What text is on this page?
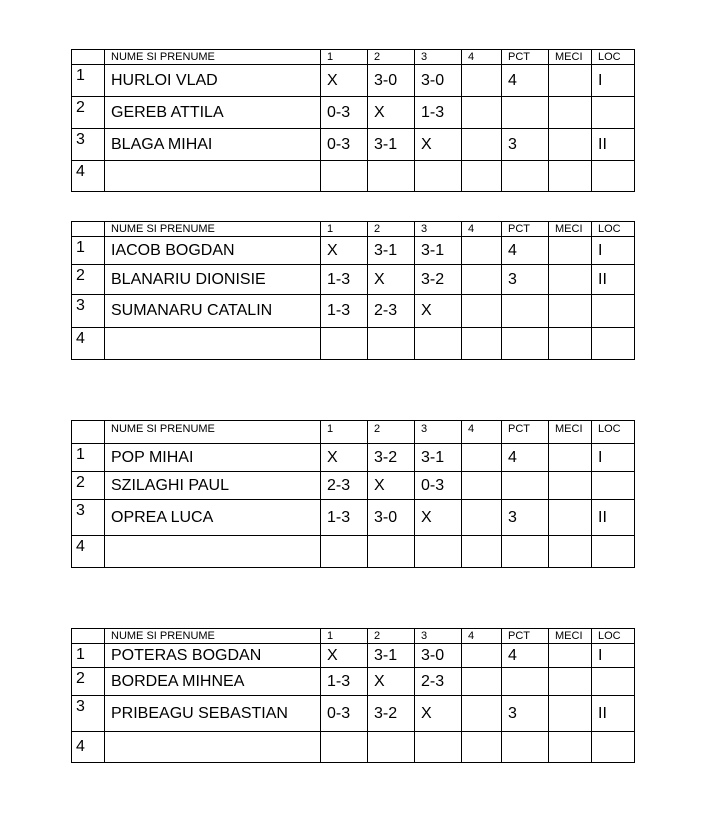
	NUME SI PRENUME	1	2	3	4	PCT	MECI	LOC
1	HURLOI VLAD	X	3-0	3-0		4		I
2	GEREB ATTILA	0-3	X	1-3				
3	BLAGA MIHAI	0-3	3-1	X		3		II
4								
	NUME SI PRENUME	1	2	3	4	PCT	MECI	LOC
1	IACOB BOGDAN	X	3-1	3-1		4		I
2	BLANARIU DIONISIE	1-3	X	3-2		3		II
3	SUMANARU CATALIN	1-3	2-3	X				
4								
	NUME SI PRENUME	1	2	3	4	PCT	MECI	LOC
1	POP MIHAI	X	3-2	3-1		4		I
2	SZILAGHI PAUL	2-3	X	0-3				
3	OPREA LUCA	1-3	3-0	X		3		II
4								
	NUME SI PRENUME	1	2	3	4	PCT	MECI	LOC
1	POTERAS BOGDAN	X	3-1	3-0		4		I
2	BORDEA MIHNEA	1-3	X	2-3				
3	PRIBEAGU SEBASTIAN	0-3	3-2	X		3		II
4								
